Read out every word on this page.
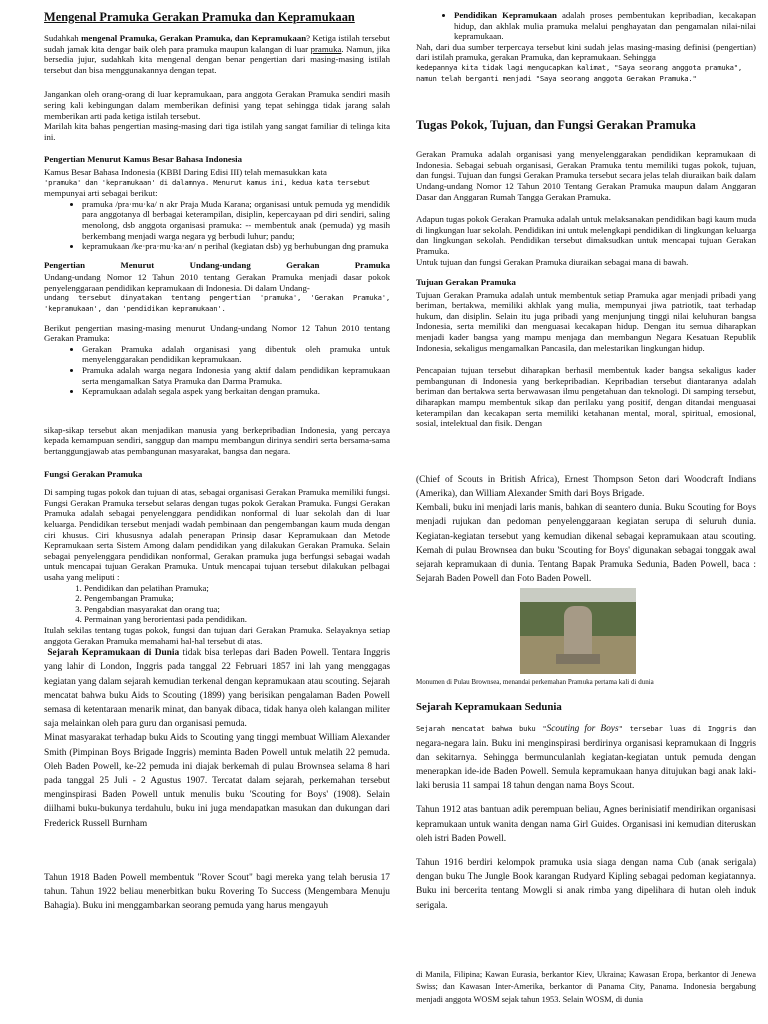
Mengenal Pramuka Gerakan Pramuka dan Kepramukaan

Sudahkah mengenal Pramuka, Gerakan Pramuka, dan Kepramukaan? Ketiga istilah tersebut sudah jamak kita dengar baik oleh para pramuka maupun kalangan di luar pramuka. Namun, jika bersedia jujur, sudahkah kita mengenal dengan benar pengertian dari masing-masing istilah tersebut dan bisa menggunakannya dengan tepat.

Jangankan oleh orang-orang di luar kepramukaan, para anggota Gerakan Pramuka sendiri masih sering kali kebingungan dalam memberikan definisi yang tepat sehingga tidak jarang salah memberikan arti pada ketiga istilah tersebut.

Marilah kita bahas pengertian masing-masing dari tiga istilah yang sangat familiar di telinga kita ini.

Pengertian Menurut Kamus Besar Bahasa Indonesia
Kamus Besar Bahasa Indonesia (KBBI Daring Edisi III) telah memasukkan kata
'pramuka' dan 'kepramukaan' di dalamnya. Menurut kamus ini, kedua kata tersebut
mempunyai arti sebagai berikut:
• pramuka /pra·mu·ka/ n akr Praja Muda Karana; organisasi untuk pemuda yg mendidik para anggotanya dl berbagai keterampilan, disiplin, kepercayaan pd diri sendiri, saling menolong, dsb anggota organisasi pramuka: -- membentuk anak (pemuda) yg masih berkembang menjadi warga negara yg berbudi luhur; pandu;
• kepramukaan /ke·pra·mu·ka·an/ n perihal (kegiatan dsb) yg berhubungan dng pramuka
Pengertian Menurut Undang-undang Gerakan Pramuka
Undang-undang Nomor 12 Tahun 2010 tentang Gerakan Pramuka menjadi dasar pokok penyelenggaraan pendidikan kepramukaan di Indonesia. Di dalam Undang-

undang tersebut dinyatakan tentang pengertian 'pramuka', 'Gerakan Pramuka', 'kepramukaan', dan 'pendidikan kepramukaan'.

Berikut pengertian masing-masing menurut Undang-undang Nomor 12 Tahun 2010 tentang Gerakan Pramuka:
• Gerakan Pramuka adalah organisasi yang dibentuk oleh pramuka untuk menyelenggarakan pendidikan kepramukaan.
• Pramuka adalah warga negara Indonesia yang aktif dalam pendidikan kepramukaan serta mengamalkan Satya Pramuka dan Darma Pramuka.
• Kepramukaan adalah segala aspek yang berkaitan dengan pramuka.

sikap-sikap tersebut akan menjadikan manusia yang berkepribadian Indonesia, yang percaya kepada kemampuan sendiri, sanggup dan mampu membangun dirinya sendiri serta bersama-sama bertanggungjawab atas pembangunan masyarakat, bangsa dan negara.

Fungsi Gerakan Pramuka
Di samping tugas pokok dan tujuan di atas, sebagai organisasi Gerakan Pramuka memiliki fungsi. Fungsi Gerakan Pramuka tersebut selaras dengan tugas pokok Gerakan Pramuka. Fungsi Gerakan Pramuka adalah sebagai penyelenggara pendidikan nonformal di luar sekolah dan di luar keluarga. Pendidikan tersebut menjadi wadah pembinaan dan pengembangan kaum muda dengan ciri khusus. Ciri khususnya adalah penerapan Prinsip dasar Kepramukaan dan Metode Kepramukaan serta Sistem Among dalam pendidikan yang dilakukan Gerakan Pramuka. Selain sebagai penyelenggara pendidikan nonformal, Gerakan pramuka juga berfungsi sebagai wadah untuk mencapai tujuan Gerakan Pramuka. Untuk mencapai tujuan tersebut dilakukan pelbagai usaha yang meliputi :
1. Pendidikan dan pelatihan Pramuka;
2. Pengembangan Pramuka;
3. Pengabdian masyarakat dan orang tua;
4. Permainan yang berorientasi pada pendidikan.
Itulah sekilas tentang tugas pokok, fungsi dan tujuan dari Gerakan Pramuka. Selayaknya setiap anggota Gerakan Pramuka memahami hal-hal tersebut di atas.
Sejarah Kepramukaan di Dunia tidak bisa terlepas dari Baden Powell. Tentara Inggris yang lahir di London, Inggris pada tanggal 22 Februari 1857 ini lah yang menggagas kegiatan yang dalam sejarah kemudian terkenal dengan kepramukaan atau scouting. Sejarah mencatat bahwa buku Aids to Scouting (1899) yang berisikan pengalaman Baden Powell semasa di ketentaraan menarik minat, dan banyak dibaca, tidak hanya oleh kalangan militer saja melainkan oleh para guru dan organisasi pemuda.
Minat masyarakat terhadap buku Aids to Scouting yang tinggi membuat William Alexander Smith (Pimpinan Boys Brigade Inggris) meminta Baden Powell untuk melatih 22 pemuda. Oleh Baden Powell, ke-22 pemuda ini diajak berkemah di pulau Brownsea selama 8 hari pada tanggal 25 Juli - 2 Agustus 1907. Tercatat dalam sejarah, perkemahan tersebut menginspirasi Baden Powell untuk menulis buku 'Scouting for Boys' (1908). Selain diilhami buku-bukunya terdahulu, buku ini juga mendapatkan masukan dan dukungan dari Frederick Russell Burnham
Tahun 1918 Baden Powell membentuk "Rover Scout" bagi mereka yang telah berusia 17 tahun. Tahun 1922 beliau menerbitkan buku Rovering To Success (Mengembara Menuju Bahagia). Buku ini menggambarkan seorang pemuda yang harus mengayuh
• Pendidikan Kepramukaan adalah proses pembentukan kepribadian, kecakapan hidup, dan akhlak mulia pramuka melalui penghayatan dan pengamalan nilai-nilai kepramukaan.
Nah, dari dua sumber terpercaya tersebut kini sudah jelas masing-masing definisi (pengertian) dari istilah pramuka, gerakan Pramuka, dan kepramukaan. Sehingga
kedepannya kita tidak lagi mengucapkan kalimat, "Saya seorang anggota pramuka", namun telah berganti menjadi "Saya seorang anggota Gerakan Pramuka."
Tugas Pokok, Tujuan, dan Fungsi Gerakan Pramuka

Gerakan Pramuka adalah organisasi yang menyelenggarakan pendidikan kepramukaan di Indonesia. Sebagai sebuah organisasi, Gerakan Pramuka tentu memiliki tugas pokok, tujuan, dan fungsi. Tujuan dan fungsi Gerakan Pramuka tersebut secara jelas telah diuraikan baik dalam Undang-undang Nomor 12 Tahun 2010 Tentang Gerakan Pramuka maupun dalam Anggaran Dasar dan Anggaran Rumah Tangga Gerakan Pramuka.

Adapun tugas pokok Gerakan Pramuka adalah untuk melaksanakan pendidikan bagi kaum muda di lingkungan luar sekolah. Pendidikan ini untuk melengkapi pendidikan di lingkungan keluarga dan lingkungan sekolah. Pendidikan tersebut dimaksudkan untuk mencapai tujuan Gerakan Pramuka.

Untuk tujuan dan fungsi Gerakan Pramuka diuraikan sebagai mana di bawah.

Tujuan Gerakan Pramuka

Tujuan Gerakan Pramuka adalah untuk membentuk setiap Pramuka agar menjadi pribadi yang beriman, bertakwa, memiliki akhlak yang mulia, mempunyai jiwa patriotik, taat terhadap hukum, dan disiplin. Selain itu juga pribadi yang menjunjung tinggi nilai keluhuran bangsa Indonesia, serta memiliki dan menguasai kecakapan hidup. Dengan itu semua diharapkan menjadi kader bangsa yang mampu menjaga dan membangun Negara Kesatuan Republik Indonesia, sekaligus mengamalkan Pancasila, dan melestarikan lingkungan hidup.

Pencapaian tujuan tersebut diharapkan berhasil membentuk kader bangsa sekaligus kader pembangunan di Indonesia yang berkepribadian. Kepribadian tersebut diantaranya adalah beriman dan bertakwa serta berwawasan ilmu pengetahuan dan teknologi. Di samping tersebut, diharapkan mampu membentuk sikap dan perilaku yang positif, dengan ditandai menguasai keterampilan dan kecakapan serta memiliki ketahanan mental, moral, spiritual, emosional, sosial, intelektual dan fisik. Dengan

(Chief of Scouts in British Africa), Ernest Thompson Seton dari Woodcraft Indians (Amerika), dan William Alexander Smith dari Boys Brigade.
Kembali, buku ini menjadi laris manis, bahkan di seantero dunia. Buku Scouting for Boys menjadi rujukan dan pedoman penyelenggaraan kegiatan serupa di seluruh dunia. Kegiatan-kegiatan tersebut yang kemudian dikenal sebagai kepramukaan atau scouting. Kemah di pulau Brownsea dan buku 'Scouting for Boys' digunakan sebagai tonggak awal sejarah kepramukaan di dunia. Tentang Bapak Pramuka Sedunia, Baden Powell, baca : Sejarah Baden Powell dan Foto Baden Powell.
Monumen di Pulau Brownsea, menandai perkemahan Pramuka pertama kali di dunia
Sejarah Kepramukaan Sedunia
Sejarah mencatat bahwa buku "Scouting for Boys" tersebar luas di Inggris dan negara-negara lain. Buku ini menginspirasi berdirinya organisasi kepramukaan di Inggris dan sekitarnya. Sehingga bermunculanlah kegiatan-kegiatan untuk pemuda dengan menerapkan ide-ide Baden Powell. Semula kepramukaan hanya ditujukan bagi anak laki-laki berusia 11 sampai 18 tahun dengan nama Boys Scout.
Tahun 1912 atas bantuan adik perempuan beliau, Agnes berinisiatif mendirikan organisasi kepramukaan untuk wanita dengan nama Girl Guides. Organisasi ini kemudian diteruskan oleh istri Baden Powell.
Tahun 1916 berdiri kelompok pramuka usia siaga dengan nama Cub (anak serigala) dengan buku The Jungle Book karangan Rudyard Kipling sebagai pedoman kegiatannya. Buku ini bercerita tentang Mowgli si anak rimba yang dipelihara di hutan oleh induk serigala.
di Manila, Filipina; Kawan Eurasia, berkantor Kiev, Ukraina; Kawasan Eropa, berkantor di Jenewa Swiss; dan Kawasan Inter-Amerika, berkantor di Panama City, Panama. Indonesia bergabung menjadi anggota WOSM sejak tahun 1953. Selain WOSM, di dunia
